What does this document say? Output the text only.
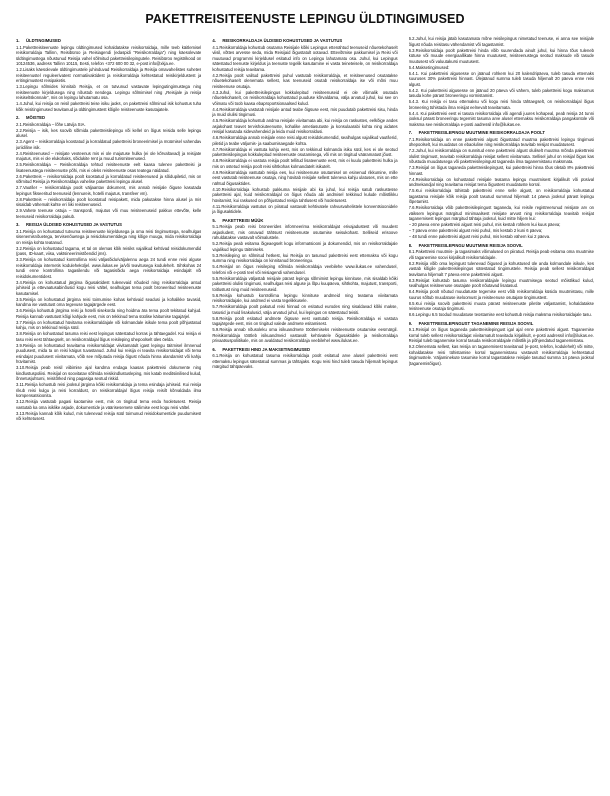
PAKETTREISITEENUSTE LEPINGU ÜLDTINGIMUSED
1. ÜLDTINGIMUSED
1.1.Pakettreisiteenuste lepingu üldtingimused kohaldatakse reisikorraldaja, mille teeb käitlemisel reisikorraldaja Tallinn, Reisibüroo ja Reisiagendi (edaspidi "Reisikorraldaja") ning käesolevate üldtingimustega nõustunud Reisija vahel sõlmitud pakettreisilepingutele. Reisibüroo registrikood on 10124536, aadress Tallinn 10115, Eesti, telefon +372 600 00 32, e-post info@xkja.ee.
1.2.Lisaks käesolevale üldtingimustele juhinduvad Reisikorraldaja ja Reisija omavahelistes suhetes reisiteenustel reguleerivatest normatiivaktidest ja reisikorraldaja kehtestatud reisikirjeldustest ja eritingimustest reisipaketis.
1.3.Lepingu sõlmides kinnitab Reisija, et on tutvunud vastavate lepingutingimustega ning reisiteenuste kirjeldusega ning nõustub nendega. Lepingu sõlmimisel ning „Reisijale ja reisija reisiseltskonnale", mis on lepingu lahutamatu osa.
1.4.Juhul, kui reisija on reisil pakettreisi teise isiku jaoks, on pakettreisi sõlminud isik kohustus tuha kõik reisitingimused teavitanud ja üldtingimustest kõigile reisiteenuste kasutajatele.
2. MÕISTED
2.1.Reisikorraldaja – lõhe Lätvija SIA.
2.2.Reisija – isik, kes soovib sõlmida pakettreisilepingu või kellel on õigus reisida selle lepingu alusel.
2.3.Agent – reisikorraldaja koostatud ja korraldatud pakettreisi broneerimisel ja müümisel vahendav juriidiline isik.
2.4.Reisiteenused – reisijate veoteenus mis ei ole majutuse hulka (ei ole kõrvaltavad) ja reisijate majutus, mis ei ole elukohaks, sõidukite rent ja muud turismiteenused.
2.5.Reisikorraldaja – Reisikorraldaja tehtud reisiteenuste eelt kaasa tulenev pakettreisi ja lisateenustega reisiteenuste põhi, mis ei oleks reisiteenuste osas teatega näidatud.
2.6.Pakettreis – reisikorraldaja poolt koostatud ja korraldatud reisiteenused ja sõidupiletid, mis on sõlmitud Reisija ja Reisikorraldaja vahelise pakettreisi lepingu alusel.
2.7.Vautšer – reisikorraldaja poolt väljaantav dokument, mis annab reisijale õiguse kasutada lepingus fikseeritud teenuseid (lennureis, hotelli majutus, transfeer vm).
2.8.Pakettreis – reisikorraldaja poolt koostatud reisipakett, mida pakutakse hinna alusel ja mis sisaldab vähemalt kahte eri liiki reisiteenuseid.
2.9.Vahete teenuse ostuja – transpordi, majutus või muu reisiteenuseid pakkuv ettevõte, kelle teenuseid reisikorraldaja pakub.
3. REISIJA ÜLDISED KOHUSTUSED JA VASTUTUS
3.1.Reisija on kohustatud tutvuma reisiteenuste kirjeldusega ja oma reisi tingimustega, sealhulgas sisenemisnõuetega, tervisenõuetega ja reisidokumentidega ning kõige muuga, mida reisikorraldaja on reisija kohta teatanud.
3.2.Reisija on kohustatud tagama, et tal on olemas kõik reisiks vajalikud kehtivad reisidokumendid (pass, ID-kaart, viisa, vaktsineerimistõendid jms).
3.3.Reisija on kohustatud kontrollima reisi väljasõidu/väljalennu aega 24 tundi enne reisi alguse reisikorraldaja internetis koduleheküljel. www.ilukas.ee ja/või teavitusega kodulehelt. Sihtkohas 24 tundi enne kontrollima tagasilendu või tagasisõidu aega reisikorraldaja esindajalt või reisidokumentidest.
3.4.Reisija on kohustatud järgima õigusaktidest tulenevaid nõudeid ning reisikorraldaja antud juhiseid ja ettevaatusabinõusid kogu reisi vältel, sealhulgas tema poolt broneeritud reisiteenuste kasutamisel.
3.5.Reisija on kohustatud järgima reisi toimumise kohas kehtivaid seadusi ja kohalikke tavasid, kandma ise vastutust oma tegevuse tagajärgede eest.
3.6.Reisija kohustub järgima reisi ja hotelli sisekorda ning hoidma ära tema poolt tekitatud kahjud. Reisija kannab vastutust kõigi kahjude eest, mis on tekkinud tema süülise käitumise tagajärjel.
3.7.Reisija on kohustatud hüvitama reisikorraldajale või kolmandale isikule tema poolt põhjustatud kahju, mis on tekkinud reisija süül.
3.8.Reisija on kohustatud tasuma reisi eest lepingus sätestatud korras ja tähtaegadel. Kui reisija ei tasu reisi eest tähtaegselt, on reisikorraldajal õigus reisileping ühepoolselt üles öelda.
3.9.Reisija on kohustatud teavitama reisikorraldajat viivitamatult igast lepingu täitmisel ilmnenud puudusest, mida ta on reisi käigus tuvastanud. Juhul kui reisija ei teavita reisikorraldajat või tema esindajat puudusest viivitamata, võib see mõjutada reisija õigust nõuda hinna alandamist või kahju hüvitamist.
3.10.Reisija peab reisil viibimise ajal kandma endaga kaasas pakettreisi dokumente ning kindlustuspoliisi. Reisijal on soovitatav sõlmida reisikindlustusleping, mis katab meditsiinilised kulud, õnnetusjuhtumi, reisitõrked ning pagasiga seotud riskid.
3.11.Reisija kohustub reisi jooksul järgima kõiki reisikorraldaja ja tema esindaja juhiseid. Kui reisija rikub reisi kulgu ja reisi korraldust, on reisikorraldajal õigus reisija reisilt kõrvaldada ilma kompensatsioonita.
3.12.Reisija vastutab pagasi kaotamise eest, mis on tingitud tema enda hooletusest. Reisija vastutab ka oma isiklike asjade, dokumentide ja väärisesemete säilimise eest kogu reisi vältel.
3.13.Reisija kannab kõik kulud, mis tulenevad reisija süül toimunud reisidokumentide puudumisest või kehtetusest.
4. REISIKORRALDAJA ÜLDISED KOHUSTUSED JA VASTUTUS
4.1.Reisikorraldaja kohustub osutama Reisijale kõiki Lepingus ettenähtud teenuseid nõuetekohaselt viisil, võttes arvesse seda, mida Reisijaid õigustatult ootavad. Ettevõtmise pakkumisel ja Reisi või muutuvad programmi kirjeldusel esitatud info on Lepingu lahutamatu osa. Juhul, kui Lepingus sätestatud teenuste kirjeldus ja teenuste tegelik kasutamine ei vasta teineteisele, on reisikorraldaja kohustatud reisija teavitama.
4.2.Reisija poolt valitud pakettreisi puhul vastutab reisikorraldaja, et reisiteenused osutatakse nõuetekohaselt olenemata sellest, kas teenuseid osutab reisikorraldaja ise või mõni muu reisiteenuse osutaja.
4.3.Juhul, kui pakettreisilepingus kokkulepitud reisiteenuseid ei ole võimalik osutada nõuetekohaselt, on reisikorraldaja kohustatud puuduse kõrvaldama, välja arvatud juhul, kui see on võimatu või toob kaasa ebaproportsionaalsed kulud.
4.4.Reisikorraldaja vastutab reisijale antud teabe õigsuse eest, mis puudutab pakettreisi sisu, hinda ja muid olulisi tingimusi.
4.5.Reisikorraldaja kohustub andma reisijale viivitamata abi, kui reisija on raskustes, eelkõige andes asjakohast teavet tervishoiuteenuste, kohalike ametiasutuste ja konsulaarabi kohta ning aidates reisijal kasutada sidevahendeid ja leida muid reisikorraldusi.
4.6.Reisikorraldaja annab reisijale enne reisi algust reisidokumendid, sealhulgas vajalikud vautšerid, piletid ja teabe väljumis- ja saabumisaegade kohta.
4.7.Reisikorraldaja ei vastuta kahju eest, mis on tekkinud kolmanda isiku süül, kes ei ole seotud pakettreisilepingus kokkulepitud reisiteenuste osutamisega, või mis on tingitud vääramatust jõust.
4.8.Reisikorraldaja ei vastuta reisija poolt tellitud lisateenuste eest, mis ei kuulu pakettreisi hulka ja mis on ostetud reisija poolt reisi sihtkohas kolmandatelt isikutelt.
4.9.Reisikorraldaja vastutab reisija ees, kui reisiteenuse osutamisel on esinenud rikkumine, mille eest vastutab reisiteenuse osutaja, ning hüvitab reisijale sellest tuleneva kahju ulatuses, mis on ette nähtud õigusaktides.
4.10.Reisikorraldaja kohustub pakkuma reisijale abi ka juhul, kui reisija satub raskustesse pakettreisi ajal, kuid reisikorraldajal on õigus nõuda abi andmisel tekkinud kulude mõistlikku hüvitamist, kui raskused on põhjustatud reisija tahtlusest või hooletusest.
4.11.Reisikorraldaja vastutus on piiratud vastavalt kehtivatele rahvusvahelistele konventsioonidele ja õigusaktidele.
5. PAKETTREISI MÜÜK
5.1.Reisija peab reisi broneerides informeerima reisikorraldajat erivajadustest või muudest asjaoludest, mis omavad tähtsust reisiteenuste osutamise seisukohast. Selliseid erisoove rahuldatakse vastavalt võimalustele.
5.2.Reisija peab esitama õigeaegselt kogu informatsiooni ja dokumendid, mis on reisikorraldajale vajalikud lepingu täitmiseks.
5.3.Reisileping on sõlmitud hetkest, kui Reisija on tasunud pakettreisi eest ettemaksu või kogu summa ning reisikorraldaja on kinnitanud broneeringu.
5.4.Reisijal on õigus reisileping sõlmida reisikorraldaja veebilehe www.ilukas.ee vahendusel, telefoni või e-posti teel või reisiagendi vahendusel.
5.5.Reisikorraldaja väljastab reisijale pärast lepingu sõlmimist lepingu kinnituse, mis sisaldab kõiki pakettreisi olulisi tingimusi, sealhulgas reisi alguse ja lõpu kuupäeva, sihtkohta, majutust, transporti, toitlustust ning muid reisiteenuseid.
5.6.Reisija kohustub kontrollima lepingu kinnituse andmeid ning teatama viivitamata reisikorraldajale, kui andmed ei vasta tegelikkusele.
5.7.Reisikorraldaja poolt pakutud reisi hinnad on esitatud eurodes ning sisaldavad kõiki makse, tasusid ja muid lisakulusid, välja arvatud juhul, kui lepingus on sätestatud teisiti.
5.8.Reisija poolt esitatud andmete õigsuse eest vastutab reisija. Reisikorraldaja ei vastuta tagajärgede eest, mis on tingitud valede andmete esitamisest.
5.9.Reisija annab nõusoleku oma isikuandmete töötlemiseks reisiteenuste osutamise eesmärgil. Reisikorraldaja töötleb isikuandmeid vastavalt kehtivatele õigusaktidele ja reisikorraldaja privaatsuspoliitikale, mis on avaldatud reisikorraldaja veebilehel www.ilukas.ee.
6. PAKETTREISI HIND JA MAKSETINGIMUSED
6.1.Reisija on kohustatud tasuma reisikorraldaja poolt esitatud arve alusel pakettreisi eest ettemaksu lepingus sätestatud summas ja tähtajaks. Kogu reisi hind tuleb tasuda hiljemalt lepingus märgitud tähtpäevaks.
6.2.Juhul, kui reisija jätab kasutamata mõne reisilepingus nimetatud teenuse, ei anna see reisijale õigust nõuda reisitasu vähendamist või tagastamist.
6.3.Reisikorraldaja poolt pakettreisi hinda võib suurendada ainult juhul, kui hinna tõus tuleneb kütuse või muude energiaallikate hinna muutusest, reisiteenustega seotud maksude või tasude muutusest või valuutakursi muutusest.
6.4.Maksetingimused:
6.4.1. Kui pakettreisi algusesse on jäänud rohkem kui 20 kalendripäeva, tuleb tasuda ettemaks suuruses 30% pakettreisi hinnast. Ülejäänud summa tuleb tasuda hiljemalt 20 päeva enne reisi algust.
6.4.2. Kui pakettreisi algusesse on jäänud 20 päeva või vähem, tuleb pakettreisi kogu maksumus tasuda kohe pärast broneeringu vormistamist.
6.4.3. Kui reisija ei tasu ettemaksu või kogu reisi hinda tähtaegselt, on reisikorraldajal õigus broneering tühistada ilma reisijat eelnevalt teavitamata.
6.4.4. Kui pakettreisi eest ei tasuta reisikorraldaja või agendi juures kohapeal, peab reisija 24 tunni jooksul pärast broneeringu tegemist tasuma arve alusel ettemaksu reisikorraldaja pangakontole või maksma see reisikorraldaja e-posti aadressil info@ilukas.ee.
7. PAKETTREISILEPINGU MUUTMINE REISIKORRALDAJA POOLT
7.1.Reisikorraldaja on enne pakettreisi algust õigustatud muutma pakettreisi lepingu tingimusi ühepoolselt, kui muudatus on ebaoluline ning reisikorraldaja teavitab reisijat muudatusest.
7.2.Juhul, kui reisikorraldaja on sunnitud enne pakettreisi algust oluliselt muutma mõnda pakettreisi olulist tingimust, teavitab reisikorraldaja reisijat sellest viivitamata. Sellisel juhul on reisijal õigus kas nõustuda muudatusega või pakettreisilepingust taganeda ilma taganemistasu maksmata.
7.3.Reisijal on õigus taganeda pakettreisilepingust, kui pakettreisi hinna tõus ületab 8% pakettreisi hinnast.
7.4.Reisikorraldaja on kohustatud reisijale teatama lepingu muutmisest kirjalikult või püsival andmekandjal ning teavitama reisijat tema õigustest muudatuste korral.
7.5.Kui reisikorraldaja tühistab pakettreisi enne selle algust, on reisikorraldaja kohustatud tagastama reisijale kõik reisija poolt tasutud summad hiljemalt 14 päeva jooksul pärast lepingu lõpetamist.
7.6.Reisikorraldaja võib pakettreisilepingust taganeda, kui reisile registreerunud reisijate arv on väiksem lepingus märgitud minimaalsest reisijate arvust ning reisikorraldaja teavitab reisijat taganemisest lepingus märgitud tähtaja jooksul, kuid mitte hiljem kui:
– 20 päeva enne pakettreisi algust reisi puhul, mis kestab rohkem kui kuus päeva;
– 7 päeva enne pakettreisi algust reisi puhul, mis kestab 2 kuni 6 päeva;
– 48 tundi enne pakettreisi algust reisi puhul, mis kestab vähem kui 2 päeva.
8. PAKETTREISILEPINGU MUUTMINE REISIJA SOOVIL
8.1.Pakettreisi muutmis- ja tagasimaks võimalused on piiratud. Reisija peab esitama oma muutmise või taganemise soovi kirjalikult reisikorraldajale.
8.2.Reisija võib oma lepingust tulenevad õigused ja kohustused üle anda kolmandale isikule, kes vastab kõigile pakettreisilepingus sätestatud tingimustele. Reisija peab sellest reisikorraldajat teavitama hiljemalt 7 päeva enne pakettreisi algust.
8.3.Reisijat kohustub tasuma reisikorraldajale lepingu muutmisega seotud mõistlikud kulud, sealhulgas reisiteenuse osutajate poolt nõutavad lisatasud.
8.4.Reisija poolt nõutud muudatuste tegemise eest võib reisikorraldaja küsida muutmistasu, mille suurus sõltub muudatuse iseloomust ja reisiteenuse osutajate tingimustest.
8.5.Kui reisija soovib pakettreisi muuta pärast reisiteenuste piletite väljastamist, kohaldatakse reisiteenuse osutaja tingimusi.
8.6.Lepingu 6.5 toodud muudatuse teostamise eest kohustub reisija maksma reisikorraldajale tasu.
9. PAKETTREISILEPINGUST TAGANEMINE REISIJA SOOVIL
9.1.Reisijal on õigus taganeda pakettreisilepingust igal ajal enne pakettreisi algust. Taganemise korral tuleb sellest reisikorraldajat viivitamatult teavitada kirjalikult, e-posti aadressil info@ilukas.ee. Reisijal tuleb taganemise korral tasuda reisikorraldajale mõistlik ja põhjendatud taganemistasu.
9.2.Olenemata sellest, kas reisija on taganemisest teavitanud (e-post, telefon, kodulehelt) või mitte, kohaldatakse reisi tühistamise korral taganemistasu vastavalt reisikorraldaja kehtestatud tingimustele. Väljaminekute tasumise korral tagastatakse reisijale tasutud summa 14 päeva jooksul (taganemisõigus).
